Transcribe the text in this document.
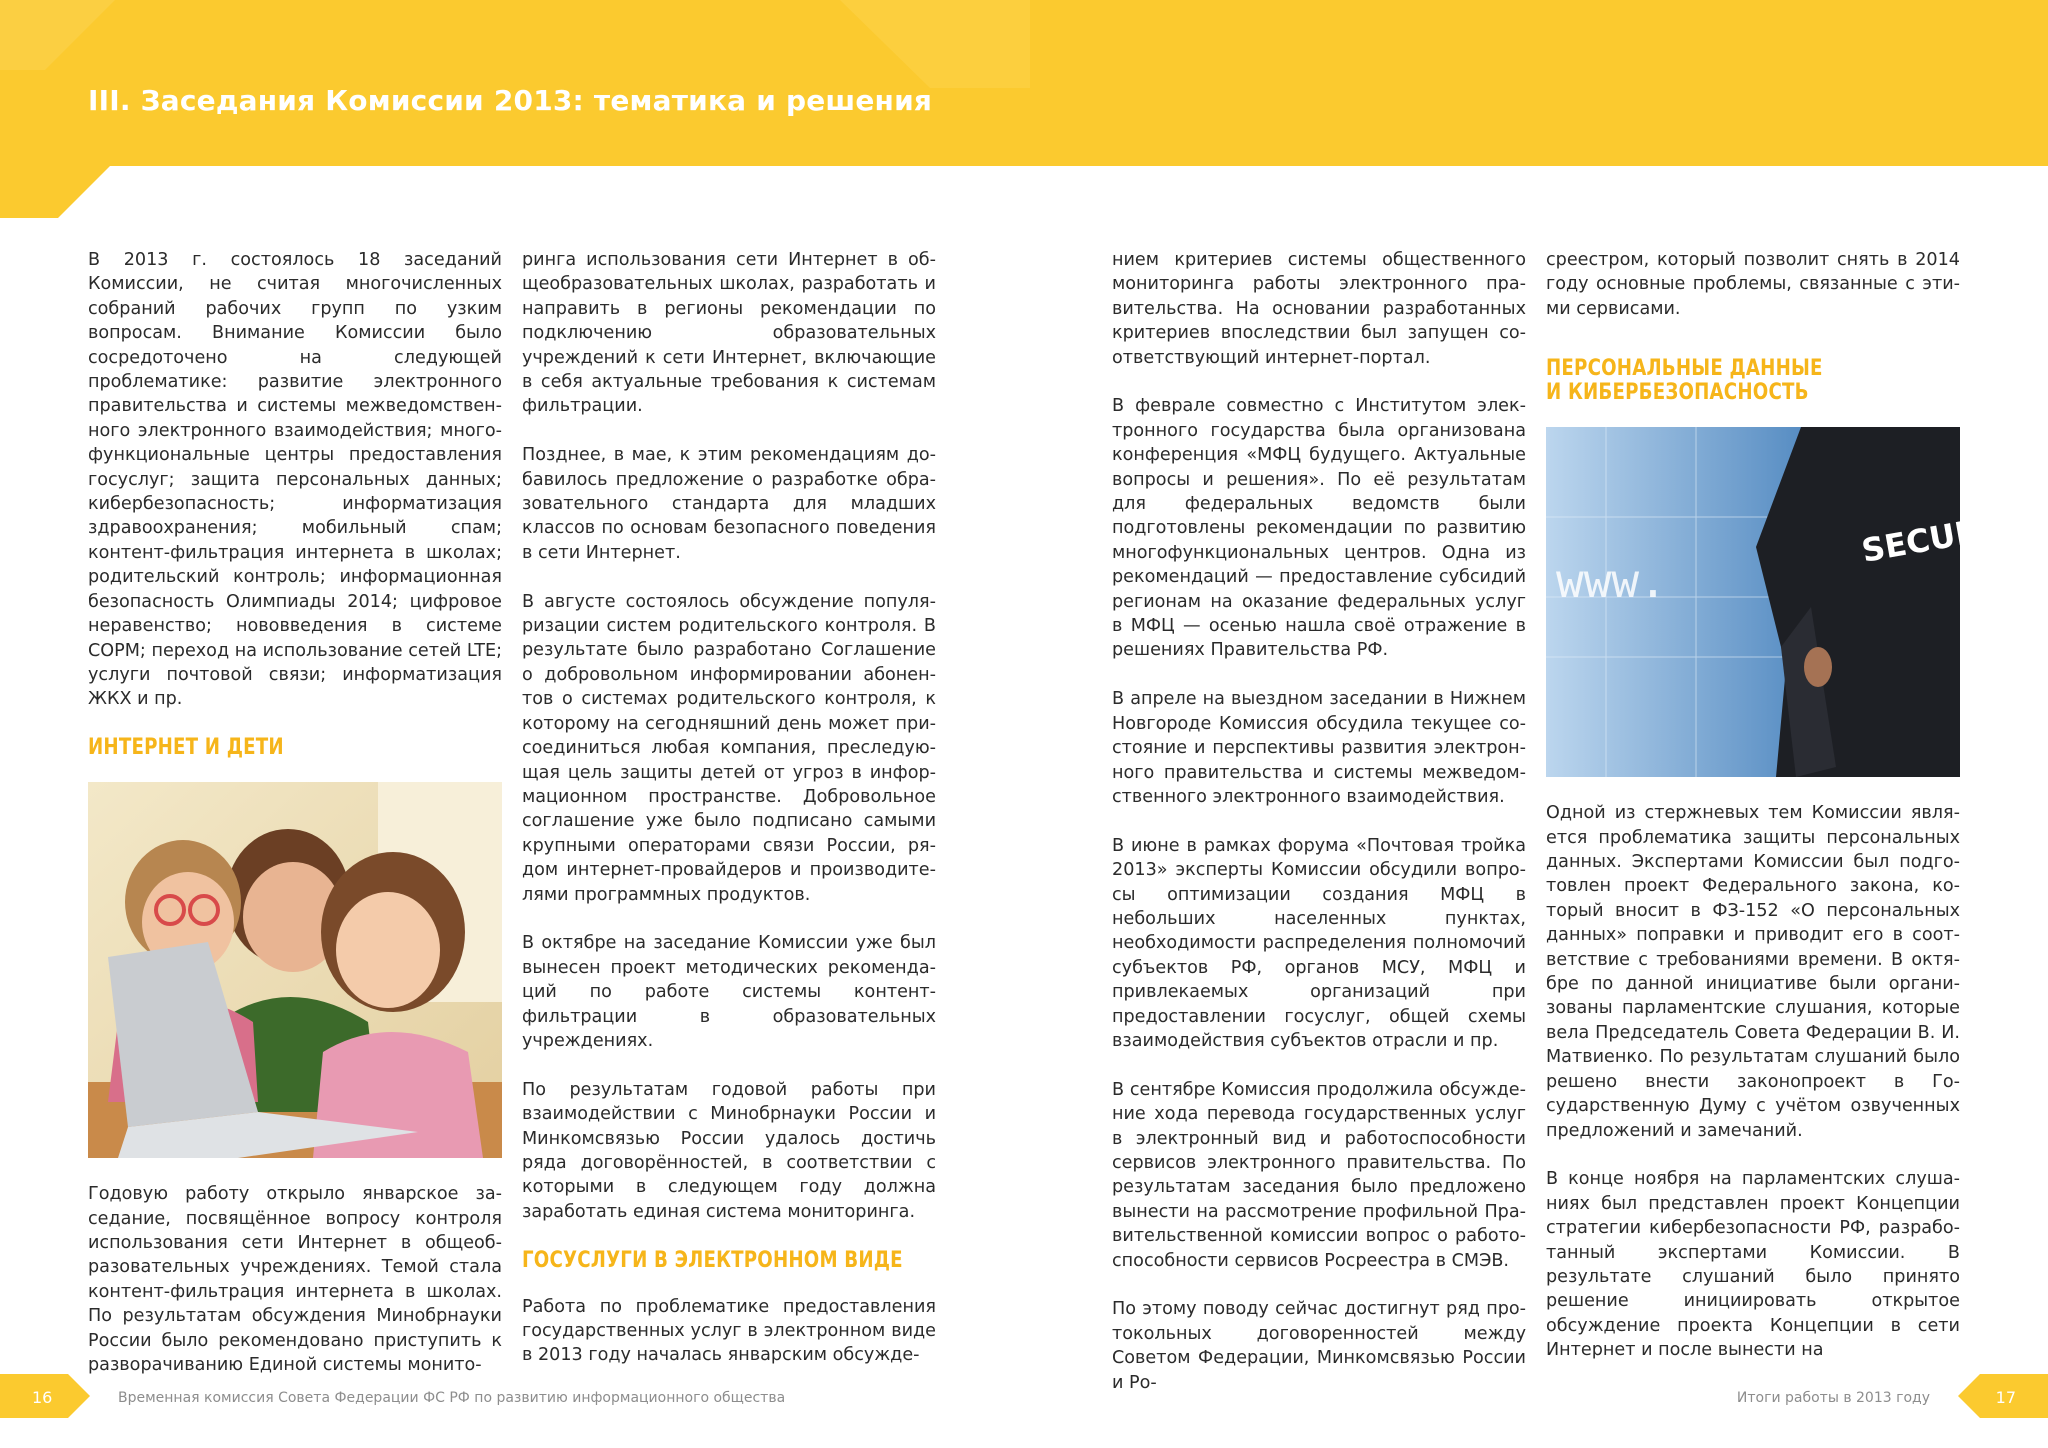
III. Заседания Комиссии 2013: тематика и решения

В 2013 г. состоялось 18 заседаний Комиссии, не считая многочисленных собраний рабочих групп по узким вопросам. Внимание Комиссии было сосредоточено на следующей проблематике: развитие электронного правительства и системы межведомственного электронного взаимодействия; многофункциональные центры предоставления госуслуг; защита персональных данных; кибербезопасность; информатизация здравоохранения; мобильный спам; контент-фильтрация интернета в школах; родительский контроль; информационная безопасность Олимпиады 2014; цифровое неравенство; нововведения в системе СОРМ; переход на использование сетей LTE; услуги почтовой связи; информатизация ЖКХ и пр.

ИНТЕРНЕТ И ДЕТИ

Годовую работу открыло январское заседание, посвящённое вопросу контроля использования сети Интернет в общеобразовательных учреждениях. Темой стала контент-фильтрация интернета в школах. По результатам обсуждения Минобрнауки России было рекомендовано приступить к разворачиванию Единой системы монито-

ринга использования сети Интернет в общеобразовательных школах, разработать и направить в регионы рекомендации по подключению образовательных учреждений к сети Интернет, включающие в себя актуальные требования к системам фильтрации.

Позднее, в мае, к этим рекомендациям добавилось предложение о разработке образовательного стандарта для младших классов по основам безопасного поведения в сети Интернет.

В августе состоялось обсуждение популяризации систем родительского контроля. В результате было разработано Соглашение о добровольном информировании абонентов о системах родительского контроля, к которому на сегодняшний день может присоединиться любая компания, преследующая цель защиты детей от угроз в информационном пространстве. Добровольное соглашение уже было подписано самыми крупными операторами связи России, рядом интернет-провайдеров и производителями программных продуктов.

В октябре на заседание Комиссии уже был вынесен проект методических рекомендаций по работе системы контент-фильтрации в образовательных учреждениях.

По результатам годовой работы при взаимодействии с Минобрнауки России и Минкомсвязью России удалось достичь ряда договорённостей, в соответствии с которыми в следующем году должна заработать единая система мониторинга.

ГОСУСЛУГИ В ЭЛЕКТРОННОМ ВИДЕ

Работа по проблематике предоставления государственных услуг в электронном виде в 2013 году началась январским обсужде-

нием критериев системы общественного мониторинга работы электронного правительства. На основании разработанных критериев впоследствии был запущен соответствующий интернет-портал.

В феврале совместно с Институтом электронного государства была организована конференция «МФЦ будущего. Актуальные вопросы и решения». По её результатам для федеральных ведомств были подготовлены рекомендации по развитию многофункциональных центров. Одна из рекомендаций — предоставление субсидий регионам на оказание федеральных услуг в МФЦ — осенью нашла своё отражение в решениях Правительства РФ.

В апреле на выездном заседании в Нижнем Новгороде Комиссия обсудила текущее состояние и перспективы развития электронного правительства и системы межведомственного электронного взаимодействия.

В июне в рамках форума «Почтовая тройка 2013» эксперты Комиссии обсудили вопросы оптимизации создания МФЦ в небольших населенных пунктах, необходимости распределения полномочий субъектов РФ, органов МСУ, МФЦ и привлекаемых организаций при предоставлении госуслуг, общей схемы взаимодействия субъектов отрасли и пр.

В сентябре Комиссия продолжила обсуждение хода перевода государственных услуг в электронный вид и работоспособности сервисов электронного правительства. По результатам заседания было предложено вынести на рассмотрение профильной Правительственной комиссии вопрос о работоспособности сервисов Росреестра в СМЭВ.

По этому поводу сейчас достигнут ряд протокольных договоренностей между Советом Федерации, Минкомсвязью России и Ро-

среестром, который позволит снять в 2014 году основные проблемы, связанные с этими сервисами.

ПЕРСОНАЛЬНЫЕ ДАННЫЕ
И КИБЕРБЕЗОПАСНОСТЬ
www.
SECUR

Одной из стержневых тем Комиссии является проблематика защиты персональных данных. Экспертами Комиссии был подготовлен проект Федерального закона, который вносит в ФЗ-152 «О персональных данных» поправки и приводит его в соответствие с требованиями времени. В октябре по данной инициативе были организованы парламентские слушания, которые вела Председатель Совета Федерации В. И. Матвиенко. По результатам слушаний было решено внести законопроект в Государственную Думу с учётом озвученных предложений и замечаний.

В конце ноября на парламентских слушаниях был представлен проект Концепции стратегии кибербезопасности РФ, разработанный экспертами Комиссии. В результате слушаний было принято решение инициировать открытое обсуждение проекта Концепции в сети Интернет и после вынести на

16	17
Временная комиссия Совета Федерации ФС РФ по развитию информационного общества	Итоги работы в 2013 году
